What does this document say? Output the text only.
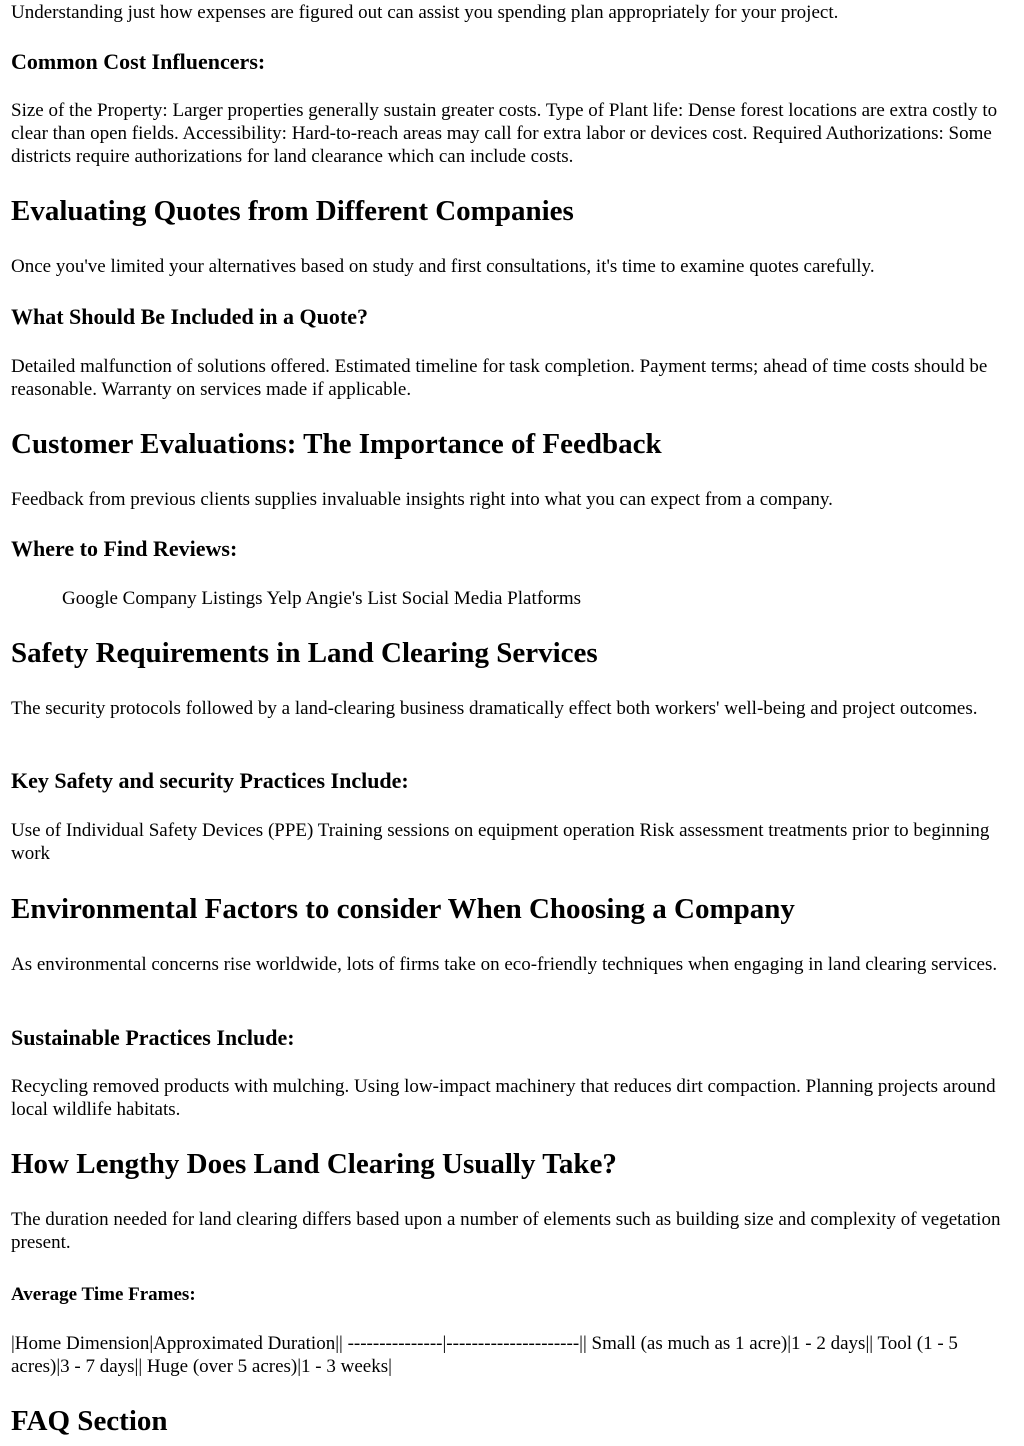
Understanding just how expenses are figured out can assist you spending plan appropriately for your project.

Common Cost Influencers:

Size of the Property: Larger properties generally sustain greater costs. Type of Plant life: Dense forest locations are extra costly to clear than open fields. Accessibility: Hard-to-reach areas may call for extra labor or devices cost. Required Authorizations: Some districts require authorizations for land clearance which can include costs.

Evaluating Quotes from Different Companies

Once you've limited your alternatives based on study and first consultations, it's time to examine quotes carefully.

What Should Be Included in a Quote?

Detailed malfunction of solutions offered. Estimated timeline for task completion. Payment terms; ahead of time costs should be reasonable. Warranty on services made if applicable.

Customer Evaluations: The Importance of Feedback

Feedback from previous clients supplies invaluable insights right into what you can expect from a company.

Where to Find Reviews:

Google Company Listings Yelp Angie's List Social Media Platforms

Safety Requirements in Land Clearing Services

The security protocols followed by a land-clearing business dramatically effect both workers' well-being and project outcomes.

Key Safety and security Practices Include:

Use of Individual Safety Devices (PPE) Training sessions on equipment operation Risk assessment treatments prior to beginning work

Environmental Factors to consider When Choosing a Company

As environmental concerns rise worldwide, lots of firms take on eco-friendly techniques when engaging in land clearing services.

Sustainable Practices Include:

Recycling removed products with mulching. Using low-impact machinery that reduces dirt compaction. Planning projects around local wildlife habitats.

How Lengthy Does Land Clearing Usually Take?

The duration needed for land clearing differs based upon a number of elements such as building size and complexity of vegetation present.

Average Time Frames:

|Home Dimension|Approximated Duration|| ---------------|---------------------|| Small (as much as 1 acre)|1 - 2 days|| Tool (1 - 5 acres)|3 - 7 days|| Huge (over 5 acres)|1 - 3 weeks|

FAQ Section
